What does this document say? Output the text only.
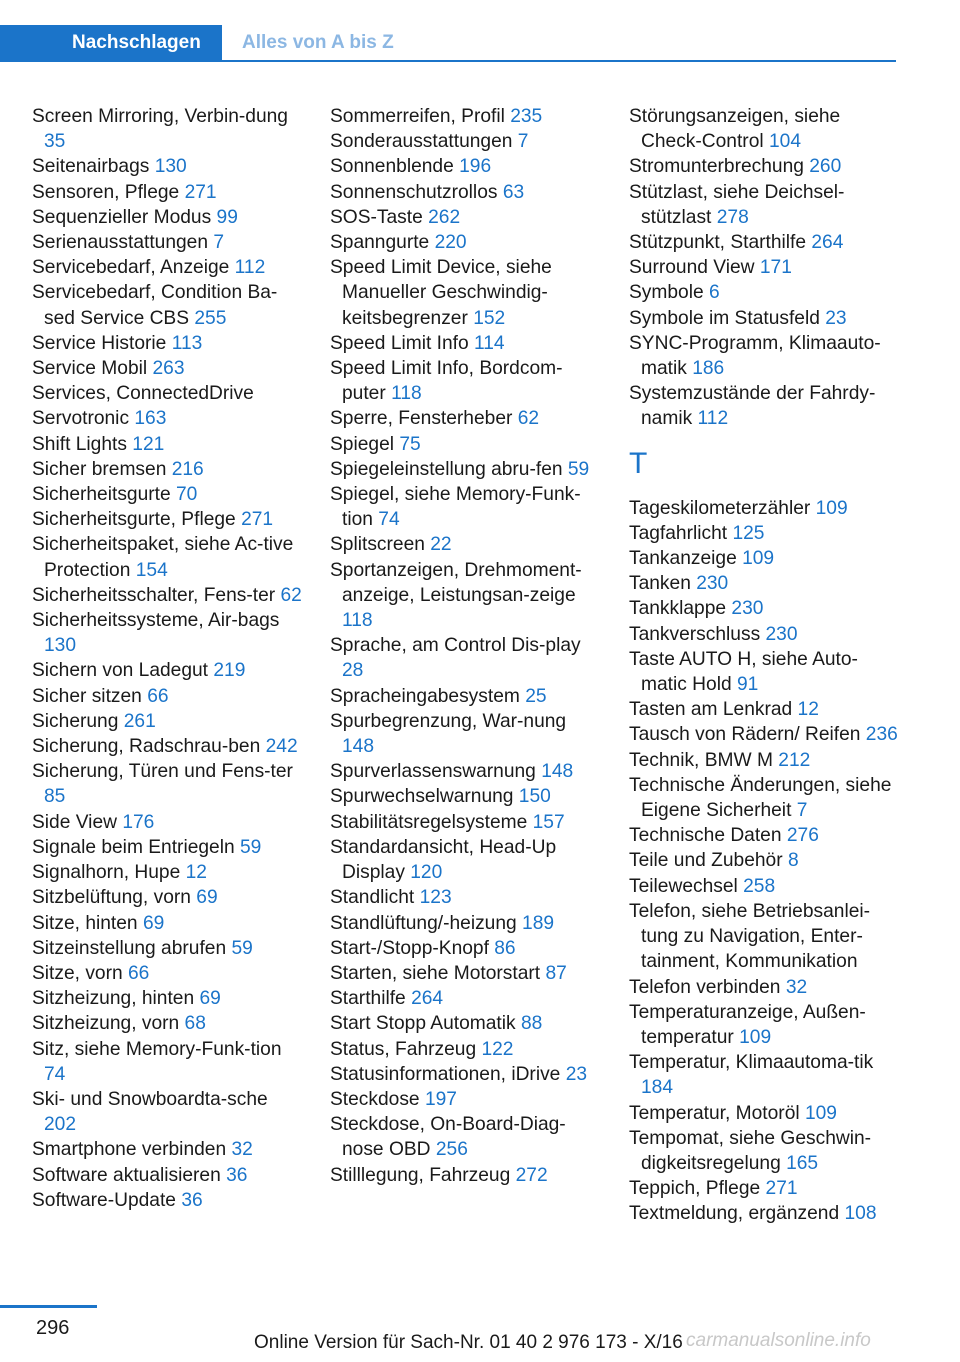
Nachschlagen	Alles von A bis Z
Screen Mirroring, Verbin-dung 35
Seitenairbags 130
Sensoren, Pflege 271
Sequenzieller Modus 99
Serienausstattungen 7
Servicebedarf, Anzeige 112
Servicebedarf, Condition Ba-sed Service CBS 255
Service Historie 113
Service Mobil 263
Services, ConnectedDrive
Servotronic 163
Shift Lights 121
Sicher bremsen 216
Sicherheitsgurte 70
Sicherheitsgurte, Pflege 271
Sicherheitspaket, siehe Ac-tive Protection 154
Sicherheitsschalter, Fens-ter 62
Sicherheitssysteme, Air-bags 130
Sichern von Ladegut 219
Sicher sitzen 66
Sicherung 261
Sicherung, Radschrau-ben 242
Sicherung, Türen und Fens-ter 85
Side View 176
Signale beim Entriegeln 59
Signalhorn, Hupe 12
Sitzbelüftung, vorn 69
Sitze, hinten 69
Sitzeinstellung abrufen 59
Sitze, vorn 66
Sitzheizung, hinten 69
Sitzheizung, vorn 68
Sitz, siehe Memory-Funk-tion 74
Ski- und Snowboardta-sche 202
Smartphone verbinden 32
Software aktualisieren 36
Software-Update 36
Sommerreifen, Profil 235
Sonderausstattungen 7
Sonnenblende 196
Sonnenschutzrollos 63
SOS-Taste 262
Spanngurte 220
Speed Limit Device, siehe Manueller Geschwindig-keitsbegrenzer 152
Speed Limit Info 114
Speed Limit Info, Bordcom-puter 118
Sperre, Fensterheber 62
Spiegel 75
Spiegeleinstellung abru-fen 59
Spiegel, siehe Memory-Funk-tion 74
Splitscreen 22
Sportanzeigen, Drehmoment-anzeige, Leistungsan-zeige 118
Sprache, am Control Dis-play 28
Spracheingabesystem 25
Spurbegrenzung, War-nung 148
Spurverlassenswarnung 148
Spurwechselwarnung 150
Stabilitätsregelsysteme 157
Standardansicht, Head-Up Display 120
Standlicht 123
Standlüftung/-heizung 189
Start-/Stopp-Knopf 86
Starten, siehe Motorstart 87
Starthilfe 264
Start Stopp Automatik 88
Status, Fahrzeug 122
Statusinformationen, iDrive 23
Steckdose 197
Steckdose, On-Board-Diag-nose OBD 256
Stilllegung, Fahrzeug 272
Störungsanzeigen, siehe Check-Control 104
Stromunterbrechung 260
Stützlast, siehe Deichsel-stützlast 278
Stützpunkt, Starthilfe 264
Surround View 171
Symbole 6
Symbole im Statusfeld 23
SYNC-Programm, Klimaauto-matik 186
Systemzustände der Fahrdy-namik 112
T
Tageskilometerzähler 109
Tagfahrlicht 125
Tankanzeige 109
Tanken 230
Tankklappe 230
Tankverschluss 230
Taste AUTO H, siehe Auto-matic Hold 91
Tasten am Lenkrad 12
Tausch von Rädern/ Reifen 236
Technik, BMW M 212
Technische Änderungen, siehe Eigene Sicherheit 7
Technische Daten 276
Teile und Zubehör 8
Teilewechsel 258
Telefon, siehe Betriebsanlei-tung zu Navigation, Enter-tainment, Kommunikation
Telefon verbinden 32
Temperaturanzeige, Außen-temperatur 109
Temperatur, Klimaautoma-tik 184
Temperatur, Motoröl 109
Tempomat, siehe Geschwin-digkeitsregelung 165
Teppich, Pflege 271
Textmeldung, ergänzend 108
296
Online Version für Sach-Nr. 01 40 2 976 173 - X/16 carmanualsonline.info
